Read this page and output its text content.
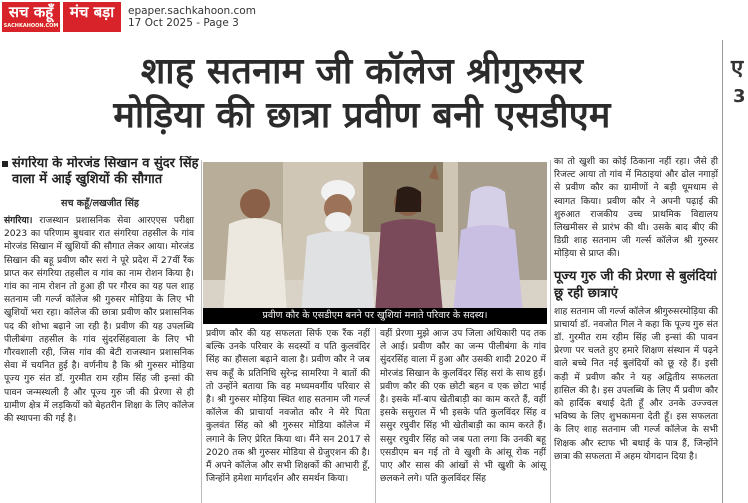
सच कहूँ
SACHKAHOON.COM
मंच बड़ा	epaper.sachkahoon.com
17 Oct 2025 - Page 3
शाह सतनाम जी कॉलेज श्रीगुरुसर
मोड़िया की छात्रा प्रवीण बनी एसडीएम
ए
3
संगरिया के मोरजंड सिखान व सुंदर सिंह वाला में आई खुशियों की सौगात
सच कहूँ/लखजीत सिंह
संगरिया। राजस्थान प्रशासनिक सेवा आरएएस परीक्षा 2023 का परिणाम बुधवार रात संगरिया तहसील के गांव मोरजंड सिखान में खुशियों की सौगात लेकर आया। मोरजंड सिखान की बहू प्रवीण कौर सरां ने पूरे प्रदेश में 27वीं रैंक प्राप्त कर संगरिया तहसील व गांव का नाम रोशन किया है। गांव का नाम रोशन तो हुआ ही पर गौरव का यह पल शाह सतनाम जी गर्ल्ज कॉलेज श्री गुरुसर मोड़िया के लिए भी खुशियों भरा रहा। कॉलेज की छात्रा प्रवीण कौर प्रशासनिक पद की शोभा बढ़ाने जा रही है। प्रवीण की यह उपलब्धि पीलीबंगा तहसील के गांव सुंदरसिंहवाला के लिए भी गौरवशाली रही, जिस गांव की बेटी राजस्थान प्रशासनिक सेवा में चयनित हुई है। वर्णनीय है कि श्री गुरुसर मोड़िया पूज्य गुरु संत डॉ. गुरमीत राम रहीम सिंह जी इन्सां की पावन जन्मस्थली है और पूज्य गुरु जी की प्रेरणा से ही ग्रामीण क्षेत्र में लड़कियों को बेहतरीन शिक्षा के लिए कॉलेज की स्थापना की गई है।
प्रवीण कौर के एसडीएम बनने पर खुशियां मनाते परिवार के सदस्य।
प्रवीण कौर की यह सफलता सिर्फ एक रैंक नहीं बल्कि उनके परिवार के सदस्यों व पति कुलवंदिर सिंह का हौसला बढ़ाने वाला है। प्रवीण कौर ने जब सच कहूँ के प्रतिनिधि सुरेन्द्र सामरिया ने बातों की तो उन्होंने बताया कि वह मध्यमवर्गीय परिवार से है। श्री गुरुसर मोड़िया स्थित शाह सतनाम जी गर्ल्ज कॉलेज की प्राचार्या नवजोत कौर ने मेरे पिता कुलवंत सिंह को श्री गुरुसर मोडिया कॉलेज में लगाने के लिए प्रेरित किया था। मैंने सन 2017 से 2020 तक श्री गुरुसर मोडिया से ग्रेजुएशन की है। मैं अपने कॉलेज और सभी शिक्षकों की आभारी हूँ, जिन्होंने हमेशा मार्गदर्शन और समर्थन किया।
वहीं प्रेरणा मुझे आज उप जिला अधिकारी पद तक ले आई। प्रवीण कौर का जन्म पीलीबंगा के गांव सुंदरसिंह वाला में हुआ और उसकी शादी 2020 में मोरजंड सिखान के कुलविंदर सिंह सरां के साथ हुई। प्रवीण कौर की एक छोटी बहन व एक छोटा भाई है। इसके माँ-बाप खेतीबाड़ी का काम करते हैं, वहीं इसके ससुराल में भी इसके पति कुलविंदर सिंह व ससुर रघुवीर सिंह भी खेतीबाड़ी का काम करते हैं। ससुर रघुवीर सिंह को जब पता लगा कि उनकी बहू एसडीएम बन गई तो वे खुशी के आंसू रोक नहीं पाए और सास की आंखों से भी खुशी के आंसू छलकने लगे। पति कुलविंदर सिंह
का तो खुशी का कोई ठिकाना नहीं रहा। जैसे ही रिजल्ट आया तो गांव में मिठाइयां और ढोल नगाड़ों से प्रवीण कौर का ग्रामीणों ने बड़ी धूमधाम से स्वागत किया। प्रवीण कौर ने अपनी पढ़ाई की शुरुआत राजकीय उच्च प्राथमिक विद्यालय लिखमीसर से प्रारंभ की थी। उसके बाद बीए की डिग्री शाह सतनाम जी गर्ल्स कॉलेज श्री गुरुसर मोड़िया से प्राप्त की।
पूज्य गुरु जी की प्रेरणा से बुलंदियां छू रही छात्राएं
शाह सतनाम जी गर्ल्ज कॉलेज श्रीगुरुसरमोड़िया की प्राचार्या डॉ. नवजोत गिल ने कहा कि पूज्य गुरु संत डॉ. गुरमीत राम रहीम सिंह जी इन्सां की पावन प्रेरणा पर चलते हुए हमारे शिक्षण संस्थान में पढ़ने वाले बच्चे नित नई बुलंदियों को छू रहे हैं। इसी कड़ी में प्रवीण कौर ने यह अद्वितीय सफलता हासिल की है। इस उपलब्धि के लिए मैं प्रवीण कौर को हार्दिक बधाई देती हूँ और उनके उज्ज्वल भविष्य के लिए शुभकामना देती हूँ। इस सफलता के लिए शाह सतनाम जी गर्ल्ज कॉलेज के सभी शिक्षक और स्टाफ भी बधाई के पात्र हैं, जिन्होंने छात्रा की सफलता में अहम योगदान दिया है।
